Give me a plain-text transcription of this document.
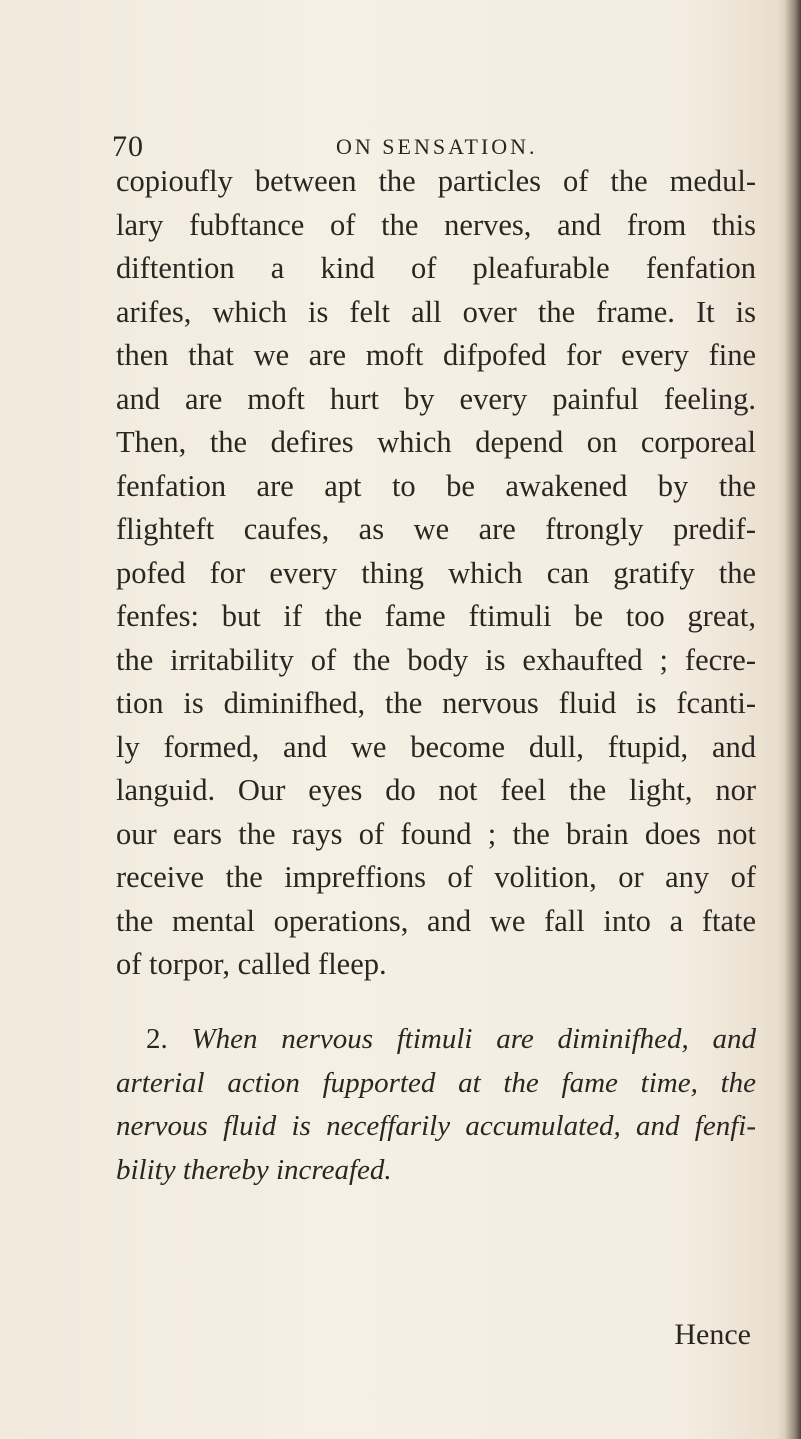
70	ON SENSATION.
copioufly between the particles of the medul-
lary fubftance of the nerves, and from this
diftention a kind of pleafurable fenfation
arifes, which is felt all over the frame. It is
then that we are moft difpofed for every fine
and are moft hurt by every painful feeling.
Then, the defires which depend on corporeal
fenfation are apt to be awakened by the
flighteft caufes, as we are ftrongly predif-
pofed for every thing which can gratify the
fenfes: but if the fame ftimuli be too great,
the irritability of the body is exhaufted ; fecre-
tion is diminifhed, the nervous fluid is fcanti-
ly formed, and we become dull, ftupid, and
languid. Our eyes do not feel the light, nor
our ears the rays of found ; the brain does not
receive the impreffions of volition, or any of
the mental operations, and we fall into a ftate
of torpor, called fleep.
2. When nervous ftimuli are diminifhed, and
arterial action fupported at the fame time, the
nervous fluid is neceffarily accumulated, and fenfi-
bility thereby increafed.
Hence
